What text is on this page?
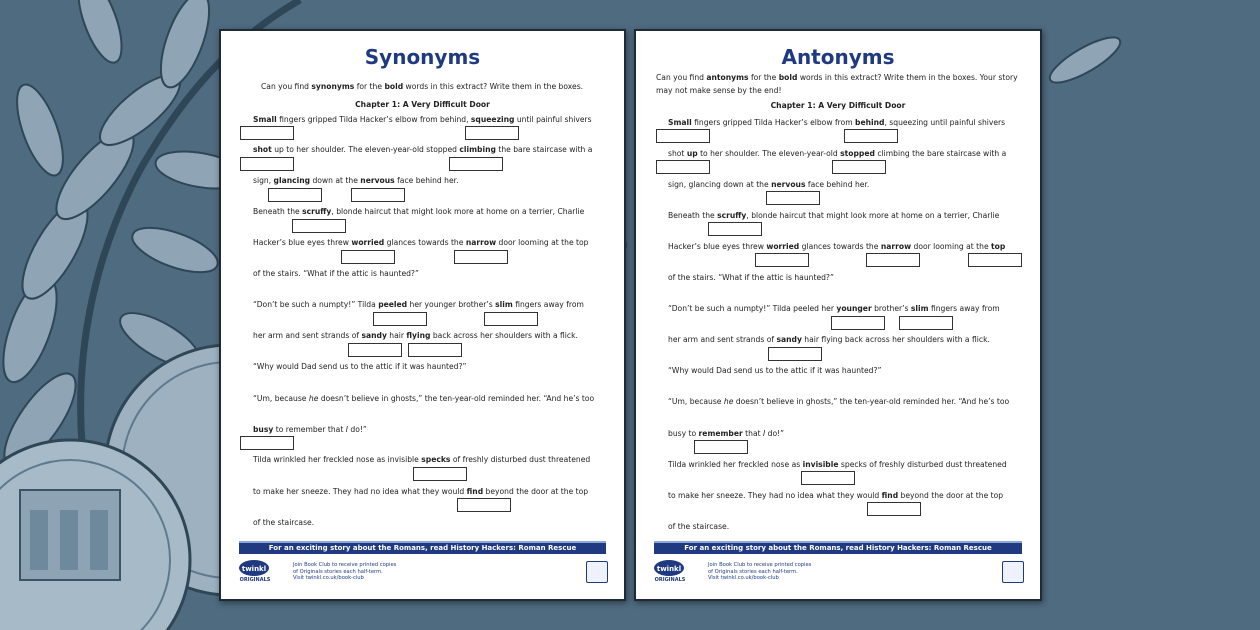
Synonyms
Can you find synonyms for the bold words in this extract? Write them in the boxes.
Chapter 1: A Very Difficult Door
Small fingers gripped Tilda Hacker’s elbow from behind, squeezing until painful shivers
shot up to her shoulder. The eleven-year-old stopped climbing the bare staircase with a
sign, glancing down at the nervous face behind her.
Beneath the scruffy, blonde haircut that might look more at home on a terrier, Charlie
Hacker’s blue eyes threw worried glances towards the narrow door looming at the top
of the stairs. “What if the attic is haunted?”
“Don’t be such a numpty!” Tilda peeled her younger brother’s slim fingers away from
her arm and sent strands of sandy hair flying back across her shoulders with a flick.
“Why would Dad send us to the attic if it was haunted?”
“Um, because he doesn’t believe in ghosts,” the ten-year-old reminded her. “And he’s too
busy to remember that I do!”
Tilda wrinkled her freckled nose as invisible specks of freshly disturbed dust threatened
to make her sneeze. They had no idea what they would find beyond the door at the top
of the staircase.
For an exciting story about the Romans, read History Hackers: Roman Rescue
twinkl
ORIGINALS
Join Book Club to receive printed copies
of Originals stories each half-term.
Visit twinkl.co.uk/book-club
Antonyms
Can you find antonyms for the bold words in this extract? Write them in the boxes. Your story
may not make sense by the end!
Chapter 1: A Very Difficult Door
Small fingers gripped Tilda Hacker’s elbow from behind, squeezing until painful shivers
shot up to her shoulder. The eleven-year-old stopped climbing the bare staircase with a
sign, glancing down at the nervous face behind her.
Beneath the scruffy, blonde haircut that might look more at home on a terrier, Charlie
Hacker’s blue eyes threw worried glances towards the narrow door looming at the top
of the stairs. “What if the attic is haunted?”
“Don’t be such a numpty!” Tilda peeled her younger brother’s slim fingers away from
her arm and sent strands of sandy hair flying back across her shoulders with a flick.
“Why would Dad send us to the attic if it was haunted?”
“Um, because he doesn’t believe in ghosts,” the ten-year-old reminded her. “And he’s too
busy to remember that I do!”
Tilda wrinkled her freckled nose as invisible specks of freshly disturbed dust threatened
to make her sneeze. They had no idea what they would find beyond the door at the top
of the staircase.
For an exciting story about the Romans, read History Hackers: Roman Rescue
twinkl
ORIGINALS
Join Book Club to receive printed copies
of Originals stories each half-term.
Visit twinkl.co.uk/book-club
